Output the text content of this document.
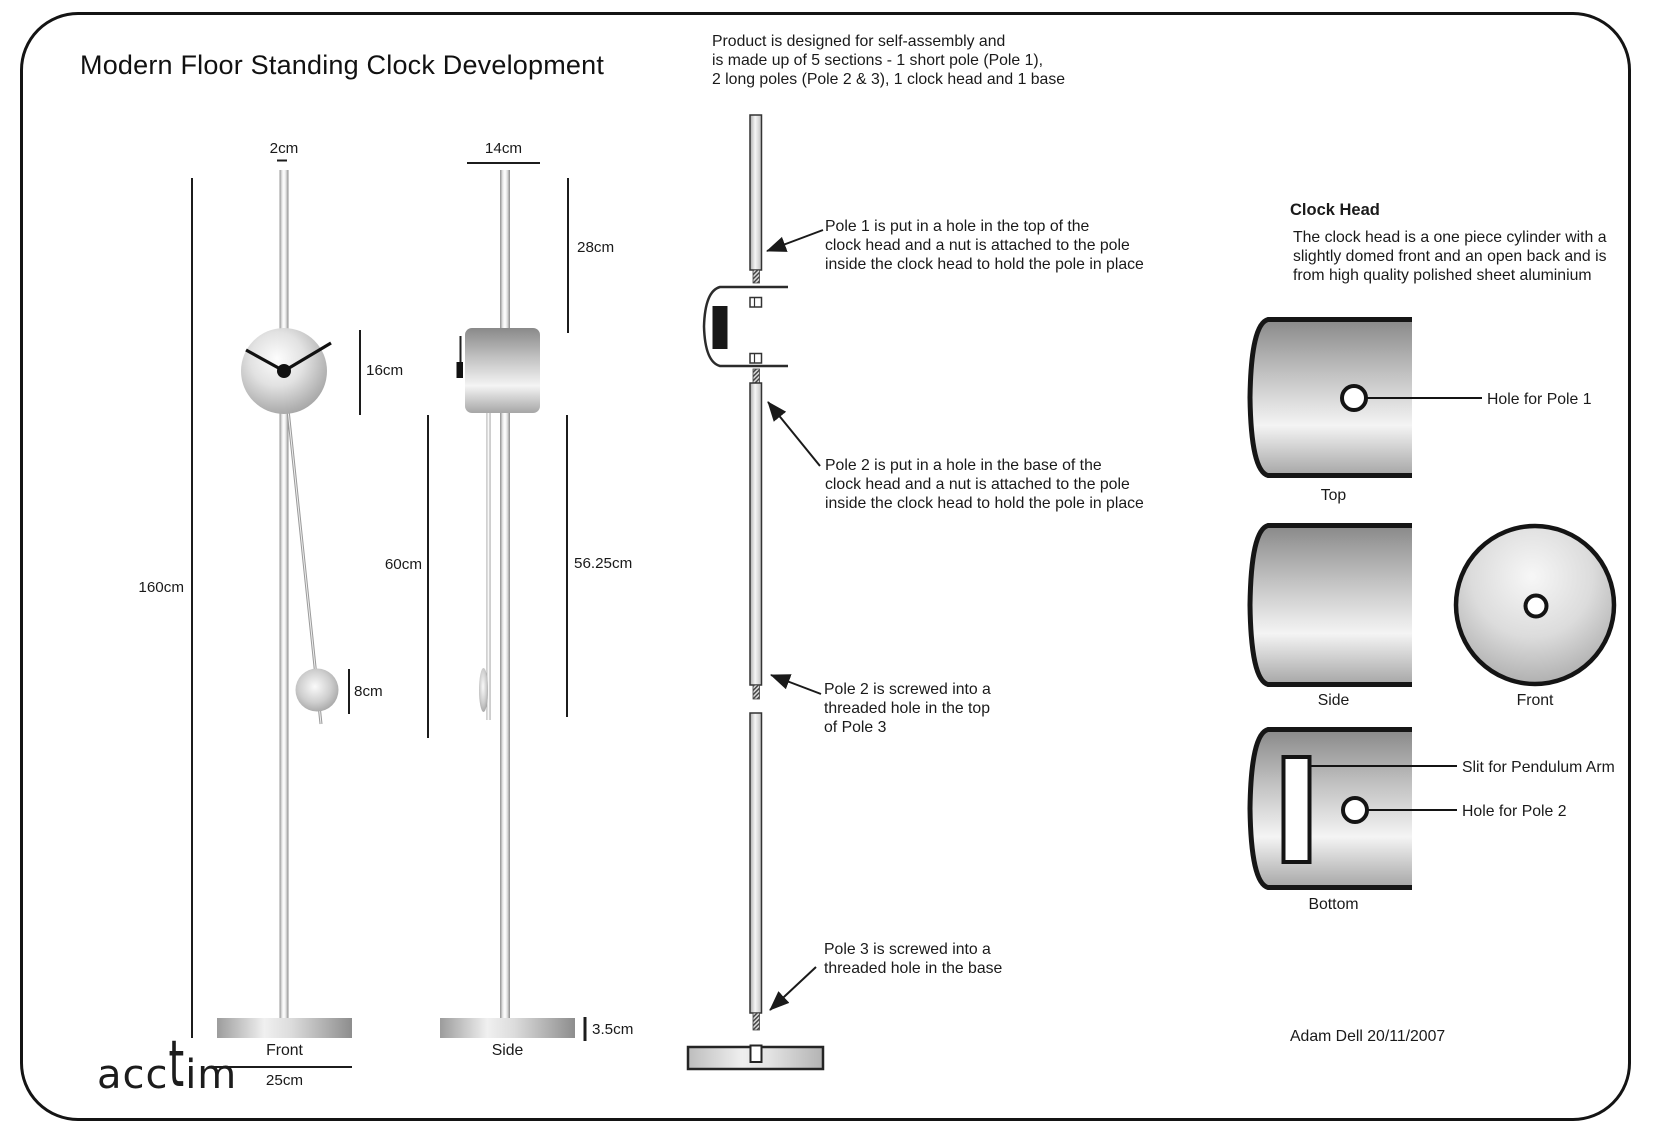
Modern Floor Standing Clock Development
Product is designed for self-assembly and
is made up of 5 sections - 1 short pole (Pole 1),
2 long poles (Pole 2 & 3), 1 clock head and 1 base
2cm
160cm
16cm
8cm
Front
25cm
14cm
28cm
60cm	56.25cm
Side
3.5cm
Pole 1 is put in a hole in the top of the
clock head and a nut is attached to the pole
inside the clock head to hold the pole in place
Pole 2 is put in a hole in the base of the
clock head and a nut is attached to the pole
inside the clock head to hold the pole in place
Pole 2 is screwed into a
threaded hole in the top
of Pole 3
Pole 3 is screwed into a
threaded hole in the base
Clock Head
The clock head is a one piece cylinder with a
slightly domed front and an open back and is
from high quality polished sheet aluminium
Top
Side	Front
Bottom
Hole for Pole 1
Slit for Pendulum Arm
Hole for Pole 2
acctim
Adam Dell 20/11/2007
